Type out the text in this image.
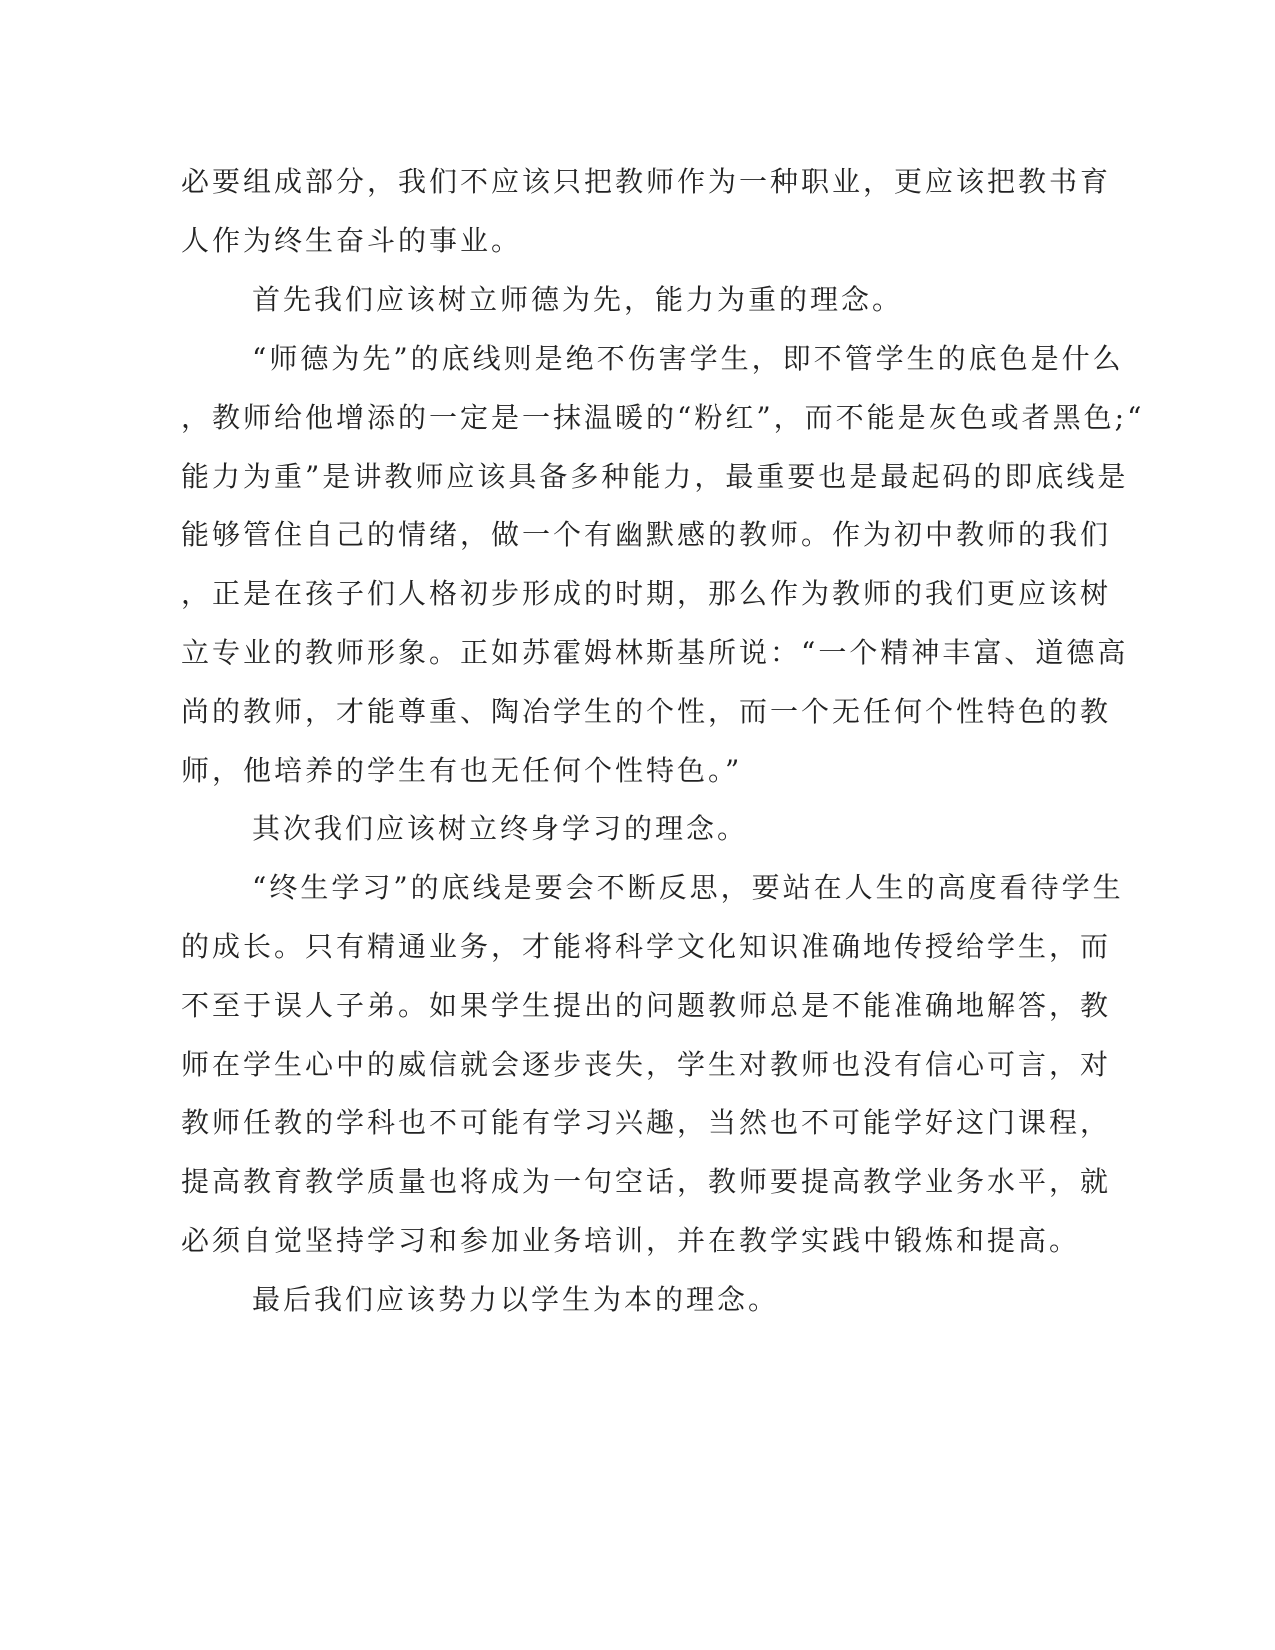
必要组成部分，我们不应该只把教师作为一种职业，更应该把教书育
人作为终生奋斗的事业。
首先我们应该树立师德为先，能力为重的理念。
“师德为先”的底线则是绝不伤害学生，即不管学生的底色是什么
，教师给他增添的一定是一抹温暖的“粉红”，而不能是灰色或者黑色;“
能力为重”是讲教师应该具备多种能力，最重要也是最起码的即底线是
能够管住自己的情绪，做一个有幽默感的教师。作为初中教师的我们
，正是在孩子们人格初步形成的时期，那么作为教师的我们更应该树
立专业的教师形象。正如苏霍姆林斯基所说：“一个精神丰富、道德高
尚的教师，才能尊重、陶冶学生的个性，而一个无任何个性特色的教
师，他培养的学生有也无任何个性特色。”
其次我们应该树立终身学习的理念。
“终生学习”的底线是要会不断反思，要站在人生的高度看待学生
的成长。只有精通业务，才能将科学文化知识准确地传授给学生，而
不至于误人子弟。如果学生提出的问题教师总是不能准确地解答，教
师在学生心中的威信就会逐步丧失，学生对教师也没有信心可言，对
教师任教的学科也不可能有学习兴趣，当然也不可能学好这门课程，
提高教育教学质量也将成为一句空话，教师要提高教学业务水平，就
必须自觉坚持学习和参加业务培训，并在教学实践中锻炼和提高。
最后我们应该势力以学生为本的理念。
